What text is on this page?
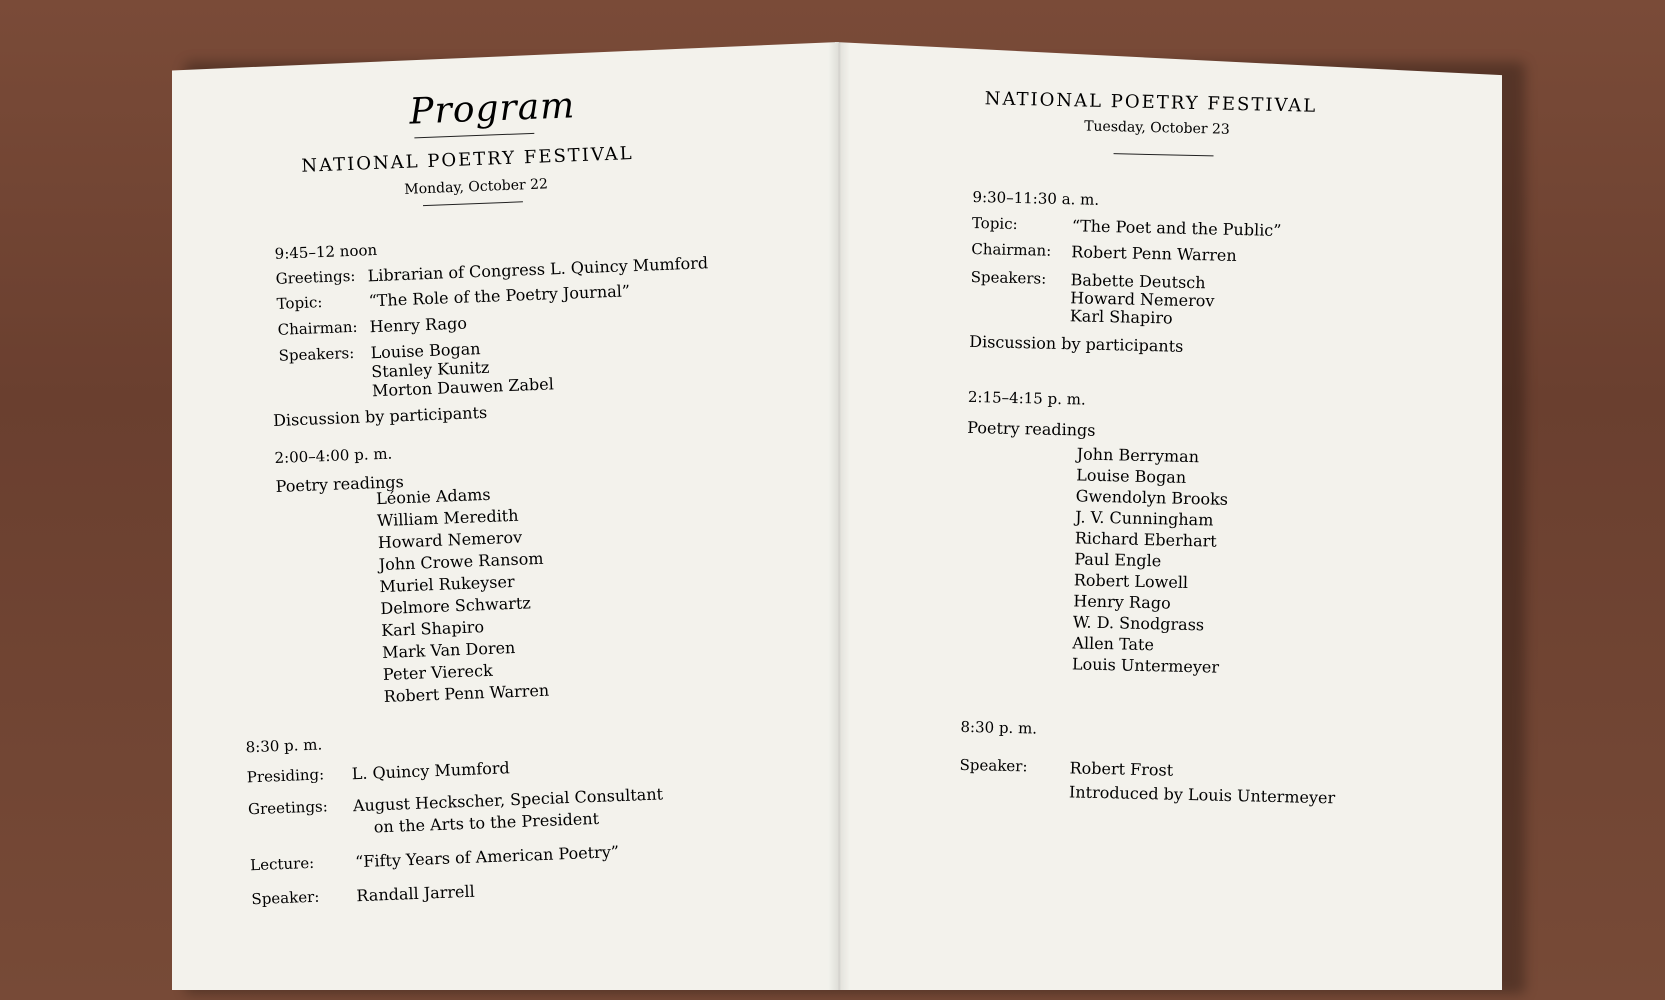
Program
NATIONAL POETRY FESTIVAL
Monday, October 22
9:45–12 noon
Greetings: Librarian of Congress L. Quincy Mumford
Topic:	“The Role of the Poetry Journal”
Chairman: Henry Rago
Speakers: Louise Bogan
Stanley Kunitz
Morton Dauwen Zabel
Discussion by participants
2:00–4:00 p. m.
Poetry readings
Léonie Adams
William Meredith
Howard Nemerov
John Crowe Ransom
Muriel Rukeyser
Delmore Schwartz
Karl Shapiro
Mark Van Doren
Peter Viereck
Robert Penn Warren
8:30 p. m.
Presiding: L. Quincy Mumford
Greetings: August Heckscher, Special Consultant
on the Arts to the President
Lecture:	“Fifty Years of American Poetry”
Speaker: Randall Jarrell
NATIONAL POETRY FESTIVAL
Tuesday, October 23
9:30–11:30 a. m.
Topic:	“The Poet and the Public”
Chairman: Robert Penn Warren
Speakers: Babette Deutsch
Howard Nemerov
Karl Shapiro
Discussion by participants
2:15–4:15 p. m.
Poetry readings
John Berryman
Louise Bogan
Gwendolyn Brooks
J. V. Cunningham
Richard Eberhart
Paul Engle
Robert Lowell
Henry Rago
W. D. Snodgrass
Allen Tate
Louis Untermeyer
8:30 p. m.
Speaker:	Robert Frost
Introduced by Louis Untermeyer
